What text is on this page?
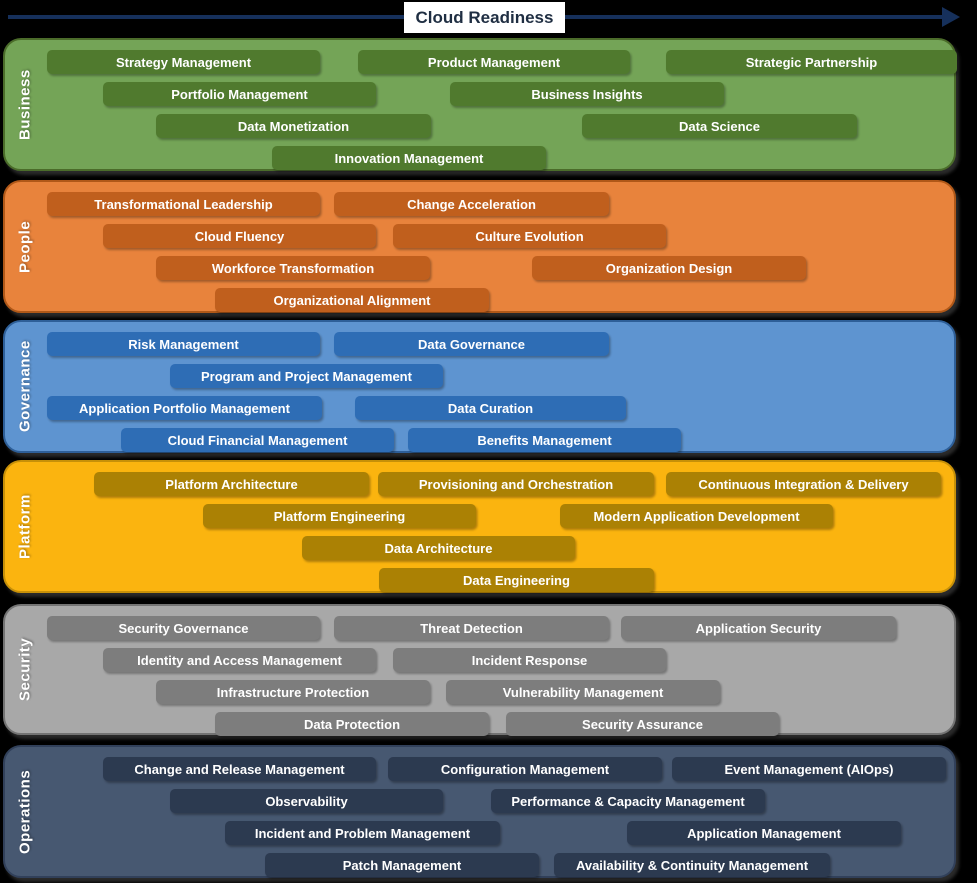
Cloud Readiness
Business
Strategy Management	Product Management	Strategic Partnership
Portfolio Management	Business Insights
Data Monetization	Data Science
Innovation Management
People
Transformational Leadership	Change Acceleration
Cloud Fluency	Culture Evolution
Workforce Transformation	Organization Design
Organizational Alignment
Governance	Risk Management	Data Governance
Program and Project Management
Application Portfolio Management	Data Curation
Cloud Financial Management	Benefits Management
Platform
Platform Architecture	Provisioning and Orchestration	Continuous Integration & Delivery
Platform Engineering	Modern Application Development
Data Architecture
Data Engineering
Security
Security Governance	Threat Detection	Application Security
Identity and Access Management	Incident Response
Infrastructure Protection	Vulnerability Management
Data Protection	Security Assurance
Operations
Change and Release Management	Configuration Management	Event Management (AIOps)
Observability	Performance & Capacity Management
Incident and Problem Management	Application Management
Patch Management	Availability & Continuity Management
